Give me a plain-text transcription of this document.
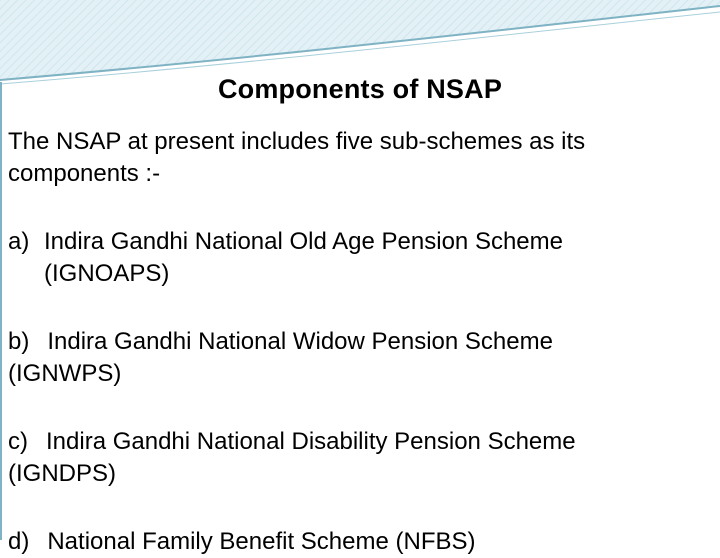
Components of NSAP
The NSAP at present includes five sub-schemes as its components :-
a) Indira Gandhi National Old Age Pension Scheme
(IGNOAPS)
b) Indira Gandhi National Widow Pension Scheme
(IGNWPS)
c) Indira Gandhi National Disability Pension Scheme
(IGNDPS)
d) National Family Benefit Scheme (NFBS)
